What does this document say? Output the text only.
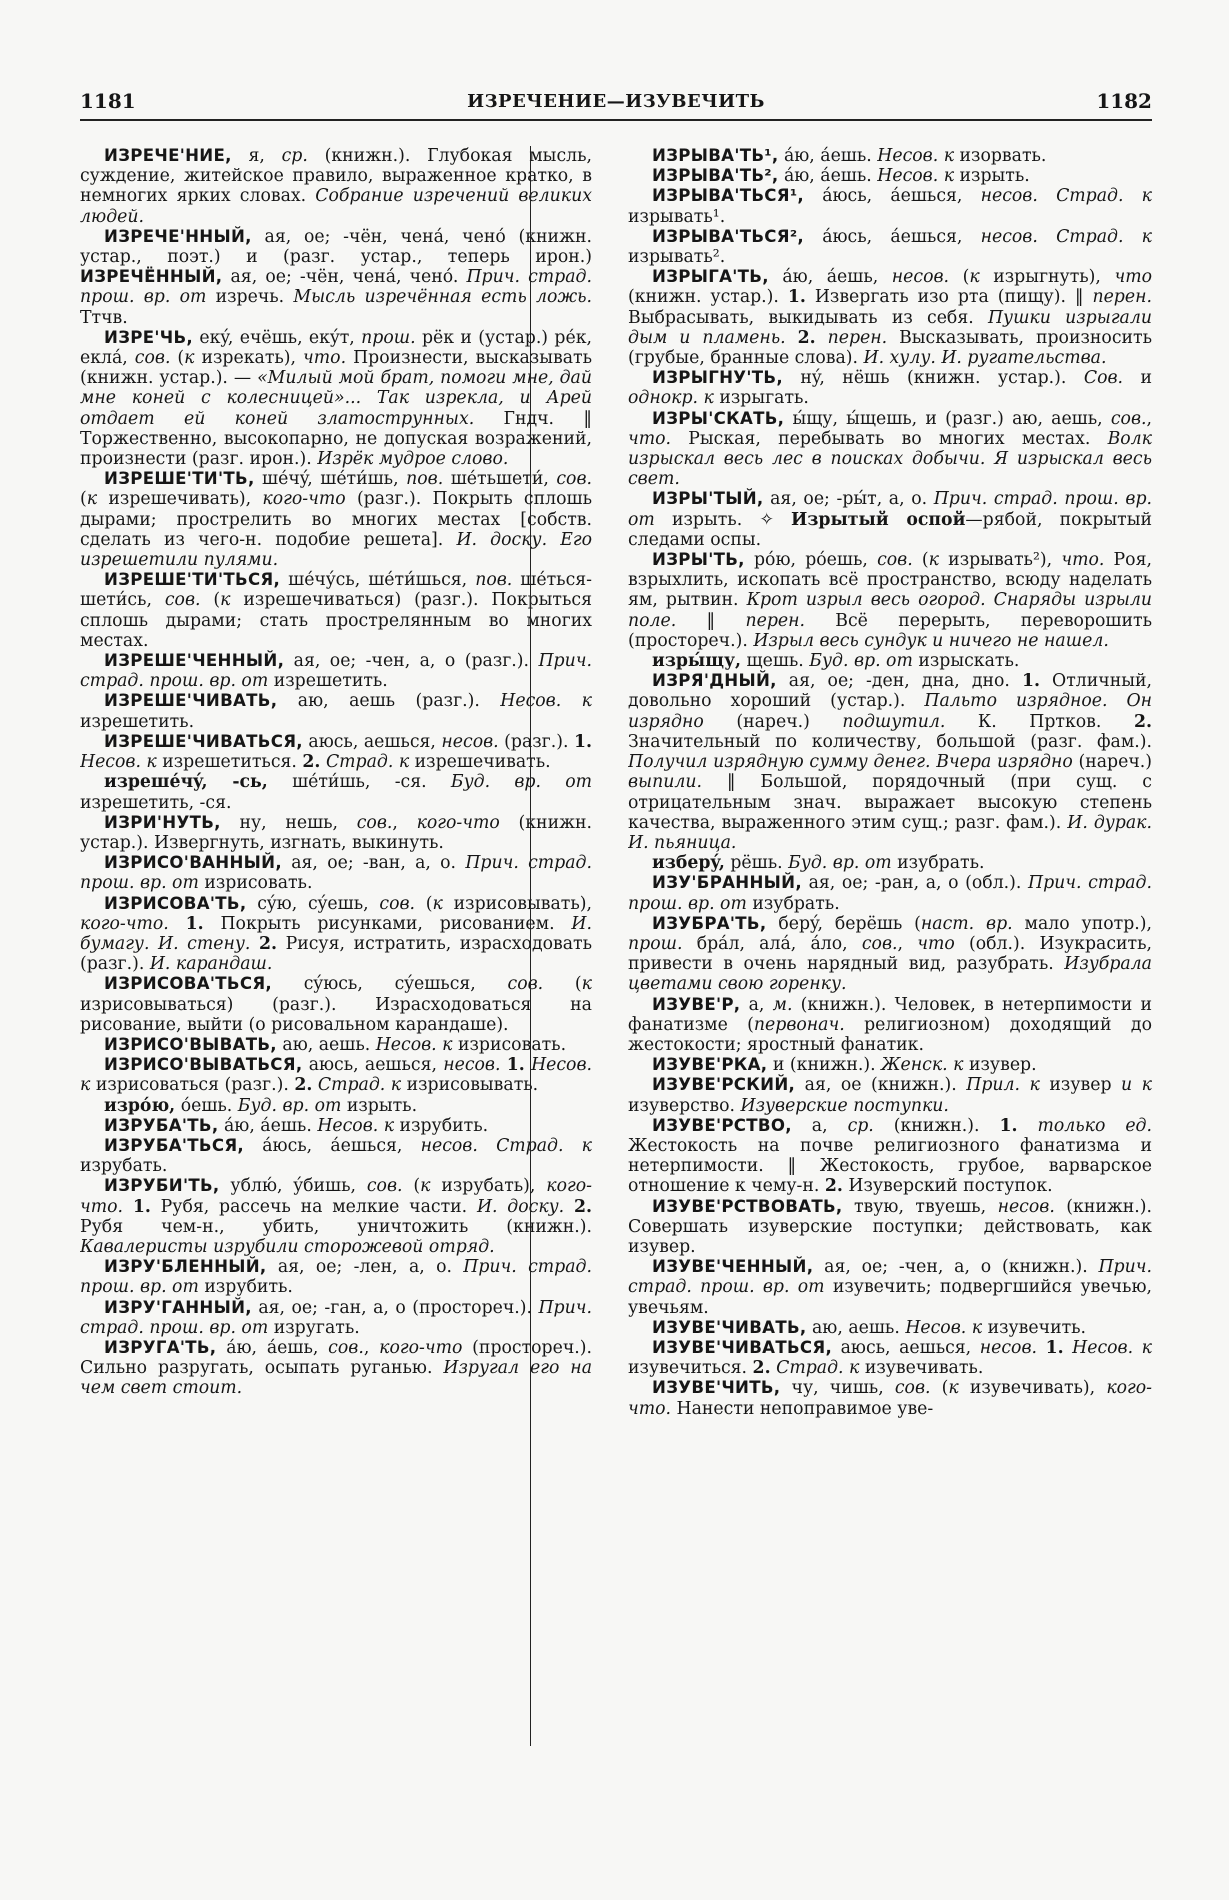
1181	ИЗРЕЧЕНИЕ—ИЗУВЕЧИТЬ	1182

ИЗРЕЧЕ'НИЕ, я, ср. (книжн.). Глубокая мысль, суждение, житейское правило, выраженное кратко, в немногих ярких словах. Собрание изречений великих людей.

ИЗРЕЧЕ'ННЫЙ, ая, ое; -чён, ченá, ченó (книжн. устар., поэт.) и (разг. устар., теперь ирон.) ИЗРЕЧЁННЫЙ, ая, ое; -чён, ченá, ченó. Прич. страд. прош. вр. от изречь. Мысль изречённая есть ложь. Ттчв.

ИЗРЕ'ЧЬ, екý, ечёшь, екýт, прош. рёк и (устар.) рéк, еклá, сов. (к изрекать), что. Произнести, высказывать (книжн. устар.). — «Милый мой брат, помоги мне, дай мне коней с колесницей»... Так изрекла, и Арей отдает ей коней златострунных. Гндч. ‖ Торжественно, высокопарно, не допуская возражений, произнести (разг. ирон.). Изрёк мудрое слово.

ИЗРЕШЕ'ТИ'ТЬ, шéчý, шéти́шь, пов. шéтьшети́, сов. (к изрешечивать), кого-что (разг.). Покрыть сплошь дырами; прострелить во многих местах [собств. сделать из чего-н. подобие решета]. И. доску. Его изрешетили пулями.

ИЗРЕШЕ'ТИ'ТЬСЯ, шéчýсь, шéти́шься, пов. шéться-шети́сь, сов. (к изрешечиваться) (разг.). Покрыться сплошь дырами; стать прострелянным во многих местах.

ИЗРЕШЕ'ЧЕННЫЙ, ая, ое; -чен, а, о (разг.). Прич. страд. прош. вр. от изрешетить.

ИЗРЕШЕ'ЧИВАТЬ, аю, аешь (разг.). Несов. к изрешетить.

ИЗРЕШЕ'ЧИВАТЬСЯ, аюсь, аешься, несов. (разг.). 1. Несов. к изрешетиться. 2. Страд. к изрешечивать.

изрешéчý, -сь, шéти́шь, -ся. Буд. вр. от изрешетить, -ся.

ИЗРИ'НУТЬ, ну, нешь, сов., кого-что (книжн. устар.). Извергнуть, изгнать, выкинуть.

ИЗРИСО'ВАННЫЙ, ая, ое; -ван, а, о. Прич. страд. прош. вр. от изрисовать.

ИЗРИСОВА'ТЬ, сýю, сýешь, сов. (к изрисовывать), кого-что. 1. Покрыть рисунками, рисованием. И. бумагу. И. стену. 2. Рисуя, истратить, израсходовать (разг.). И. карандаш.

ИЗРИСОВА'ТЬСЯ, сýюсь, сýешься, сов. (к изрисовываться) (разг.). Израсходоваться на рисование, выйти (о рисовальном карандаше).

ИЗРИСО'ВЫВАТЬ, аю, аешь. Несов. к изрисовать.

ИЗРИСО'ВЫВАТЬСЯ, аюсь, аешься, несов. 1. Несов. к изрисоваться (разг.). 2. Страд. к изрисовывать.

изрóю, óешь. Буд. вр. от изрыть.

ИЗРУБА'ТЬ, áю, áешь. Несов. к изрубить.

ИЗРУБА'ТЬСЯ, áюсь, áешься, несов. Страд. к изрубать.

ИЗРУБИ'ТЬ, ублю́, ýбишь, сов. (к изрубать), кого-что. 1. Рубя, рассечь на мелкие части. И. доску. 2. Рубя чем-н., убить, уничтожить (книжн.). Кавалеристы изрубили сторожевой отряд.

ИЗРУ'БЛЕННЫЙ, ая, ое; -лен, а, о. Прич. страд. прош. вр. от изрубить.

ИЗРУ'ГАННЫЙ, ая, ое; -ган, а, о (простореч.). Прич. страд. прош. вр. от изругать.

ИЗРУГА'ТЬ, áю, áешь, сов., кого-что (простореч.). Сильно разругать, осыпать руганью. Изругал его на чем свет стоит.

ИЗРЫВА'ТЬ¹, áю, áешь. Несов. к изорвать.

ИЗРЫВА'ТЬ², áю, áешь. Несов. к изрыть.

ИЗРЫВА'ТЬСЯ¹, áюсь, áешься, несов. Страд. к изрывать¹.

ИЗРЫВА'ТЬСЯ², áюсь, áешься, несов. Страд. к изрывать².

ИЗРЫГА'ТЬ, áю, áешь, несов. (к изрыгнуть), что (книжн. устар.). 1. Извергать изо рта (пищу). ‖ перен. Выбрасывать, выкидывать из себя. Пушки изрыгали дым и пламень. 2. перен. Высказывать, произносить (грубые, бранные слова). И. хулу. И. ругательства.

ИЗРЫГНУ'ТЬ, нý, нёшь (книжн. устар.). Сов. и однокр. к изрыгать.

ИЗРЫ'СКАТЬ, ы́щу, ы́щешь, и (разг.) аю, аешь, сов., что. Рыская, перебывать во многих местах. Волк изрыскал весь лес в поисках добычи. Я изрыскал весь свет.

ИЗРЫ'ТЫЙ, ая, ое; -ры́т, а, о. Прич. страд. прош. вр. от изрыть. ✧ Изрытый оспой—рябой, покрытый следами оспы.

ИЗРЫ'ТЬ, рóю, рóешь, сов. (к изрывать²), что. Роя, взрыхлить, ископать всё пространство, всюду наделать ям, рытвин. Крот изрыл весь огород. Снаряды изрыли поле. ‖ перен. Всё перерыть, переворошить (простореч.). Изрыл весь сундук и ничего не нашел.

изры́щу, щешь. Буд. вр. от изрыскать.

ИЗРЯ'ДНЫЙ, ая, ое; -ден, дна, дно. 1. Отличный, довольно хороший (устар.). Пальто изрядное. Он изрядно (нареч.) подшутил. К. Пртков. 2. Значительный по количеству, большой (разг. фам.). Получил изрядную сумму денег. Вчера изрядно (нареч.) выпили. ‖ Большой, порядочный (при сущ. с отрицательным знач. выражает высокую степень качества, выраженного этим сущ.; разг. фам.). И. дурак. И. пьяница.

изберý, рёшь. Буд. вр. от изубрать.

ИЗУ'БРАННЫЙ, ая, ое; -ран, а, о (обл.). Прич. страд. прош. вр. от изубрать.

ИЗУБРА'ТЬ, берý, берёшь (наст. вр. мало употр.), прош. брáл, алá, áло, сов., что (обл.). Изукрасить, привести в очень нарядный вид, разубрать. Изубрала цветами свою горенку.

ИЗУВЕ'Р, а, м. (книжн.). Человек, в нетерпимости и фанатизме (первонач. религиозном) доходящий до жестокости; яростный фанатик.

ИЗУВЕ'РКА, и (книжн.). Женск. к изувер.

ИЗУВЕ'РСКИЙ, ая, ое (книжн.). Прил. к изувер и к изуверство. Изуверские поступки.

ИЗУВЕ'РСТВО, а, ср. (книжн.). 1. только ед. Жестокость на почве религиозного фанатизма и нетерпимости. ‖ Жестокость, грубое, варварское отношение к чему-н. 2. Изуверский поступок.

ИЗУВЕ'РСТВОВАТЬ, твую, твуешь, несов. (книжн.). Совершать изуверские поступки; действовать, как изувер.

ИЗУВЕ'ЧЕННЫЙ, ая, ое; -чен, а, о (книжн.). Прич. страд. прош. вр. от изувечить; подвергшийся увечью, увечьям.

ИЗУВЕ'ЧИВАТЬ, аю, аешь. Несов. к изувечить.

ИЗУВЕ'ЧИВАТЬСЯ, аюсь, аешься, несов. 1. Несов. к изувечиться. 2. Страд. к изувечивать.

ИЗУВЕ'ЧИТЬ, чу, чишь, сов. (к изувечивать), кого-что. Нанести непоправимое уве-
